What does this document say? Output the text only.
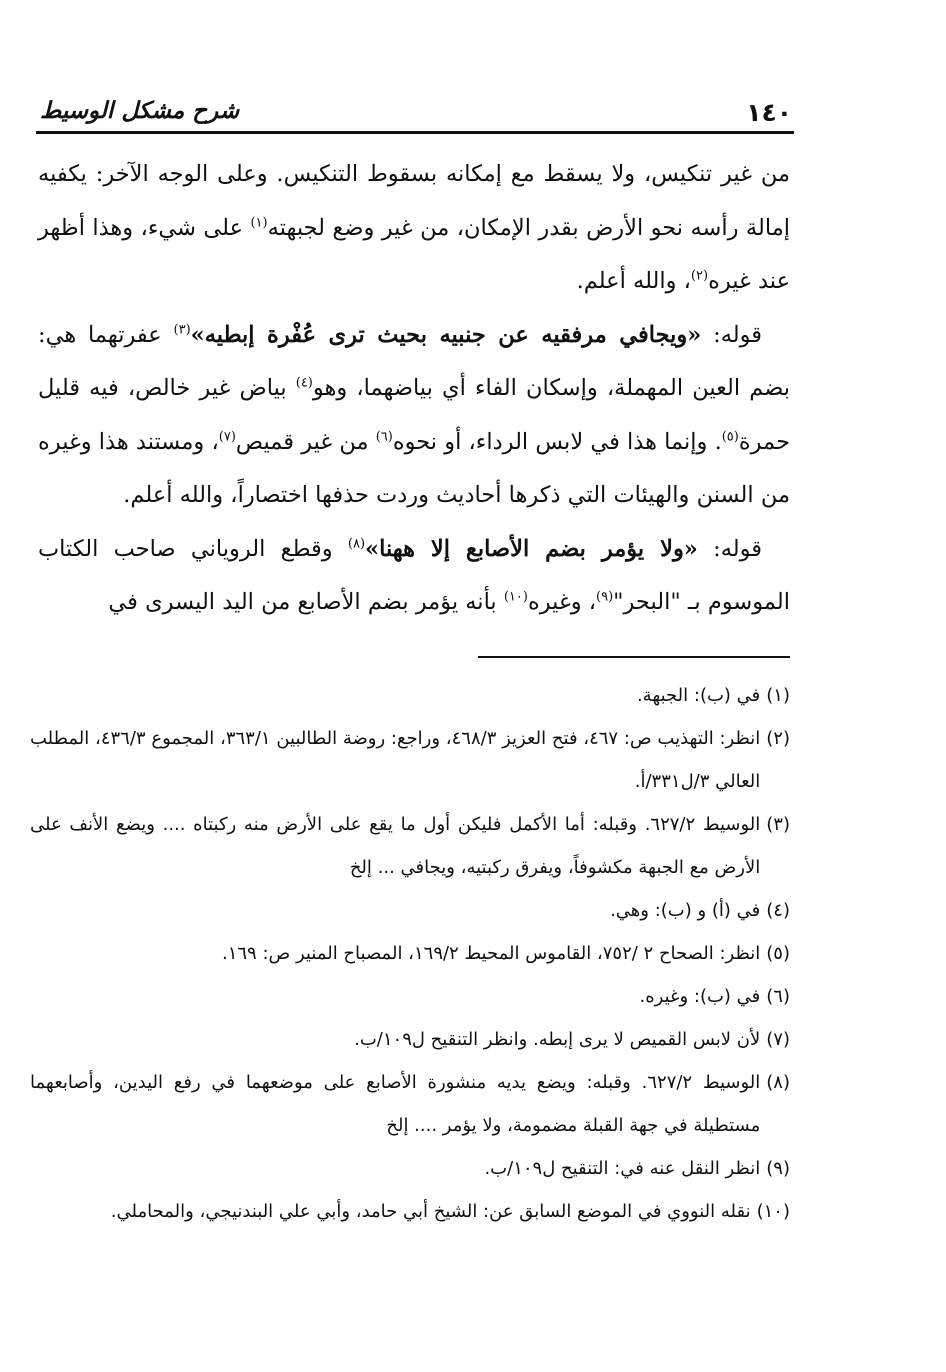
١٤٠
شرح مشكل الوسيط

من غير تنكيس، ولا يسقط مع إمكانه بسقوط التنكيس. وعلى الوجه الآخر: يكفيه إمالة رأسه نحو الأرض بقدر الإمكان، من غير وضع لجبهته$^{(١)}$ على شيء، وهذا أظهر عند غيره$^{(٢)}$، والله أعلم.

قوله: «ويجافي مرفقيه عن جنبيه بحيث ترى عُفْرة إبطيه»$^{(٣)}$ عفرتهما هي: بضم العين المهملة، وإسكان الفاء أي بياضهما، وهو$^{(٤)}$ بياض غير خالص، فيه قليل حمرة$^{(٥)}$. وإنما هذا في لابس الرداء، أو نحوه$^{(٦)}$ من غير قميص$^{(٧)}$، ومستند هذا وغيره من السنن والهيئات التي ذكرها أحاديث وردت حذفها اختصاراً، والله أعلم.

قوله: «ولا يؤمر بضم الأصابع إلا ههنا»$^{(٨)}$ وقطع الروياني صاحب الكتاب الموسوم بـ "البحر"$^{(٩)}$، وغيره$^{(١٠)}$ بأنه يؤمر بضم الأصابع من اليد اليسرى في

(١)
في (ب): الجبهة.
(٢)
انظر: التهذيب ص: ٤٦٧، فتح العزيز ٤٦٨/٣، وراجع: روضة الطالبين ٣٦٣/١، المجموع ٤٣٦/٣، المطلب العالي ٣/ل٣٣١/أ.
(٣)
الوسيط ٦٢٧/٢. وقبله: أما الأكمل فليكن أول ما يقع على الأرض منه ركبتاه .... ويضع الأنف على الأرض مع الجبهة مكشوفاً، ويفرق ركبتيه، ويجافي ... إلخ
(٤)
في (أ) و (ب): وهي.
(٥)
انظر: الصحاح ٢ /٧٥٢، القاموس المحيط ١٦٩/٢، المصباح المنير ص: ١٦٩.
(٦)
في (ب): وغيره.
(٧)
لأن لابس القميص لا يرى إبطه. وانظر التنقيح ل١٠٩/ب.
(٨)
الوسيط ٦٢٧/٢. وقبله: ويضع يديه منشورة الأصابع على موضعهما في رفع اليدين، وأصابعهما مستطيلة في جهة القبلة مضمومة، ولا يؤمر .... إلخ
(٩)
انظر النقل عنه في: التنقيح ل١٠٩/ب.
(١٠)
نقله النووي في الموضع السابق عن: الشيخ أبي حامد، وأبي علي البندنيجي، والمحاملي.
